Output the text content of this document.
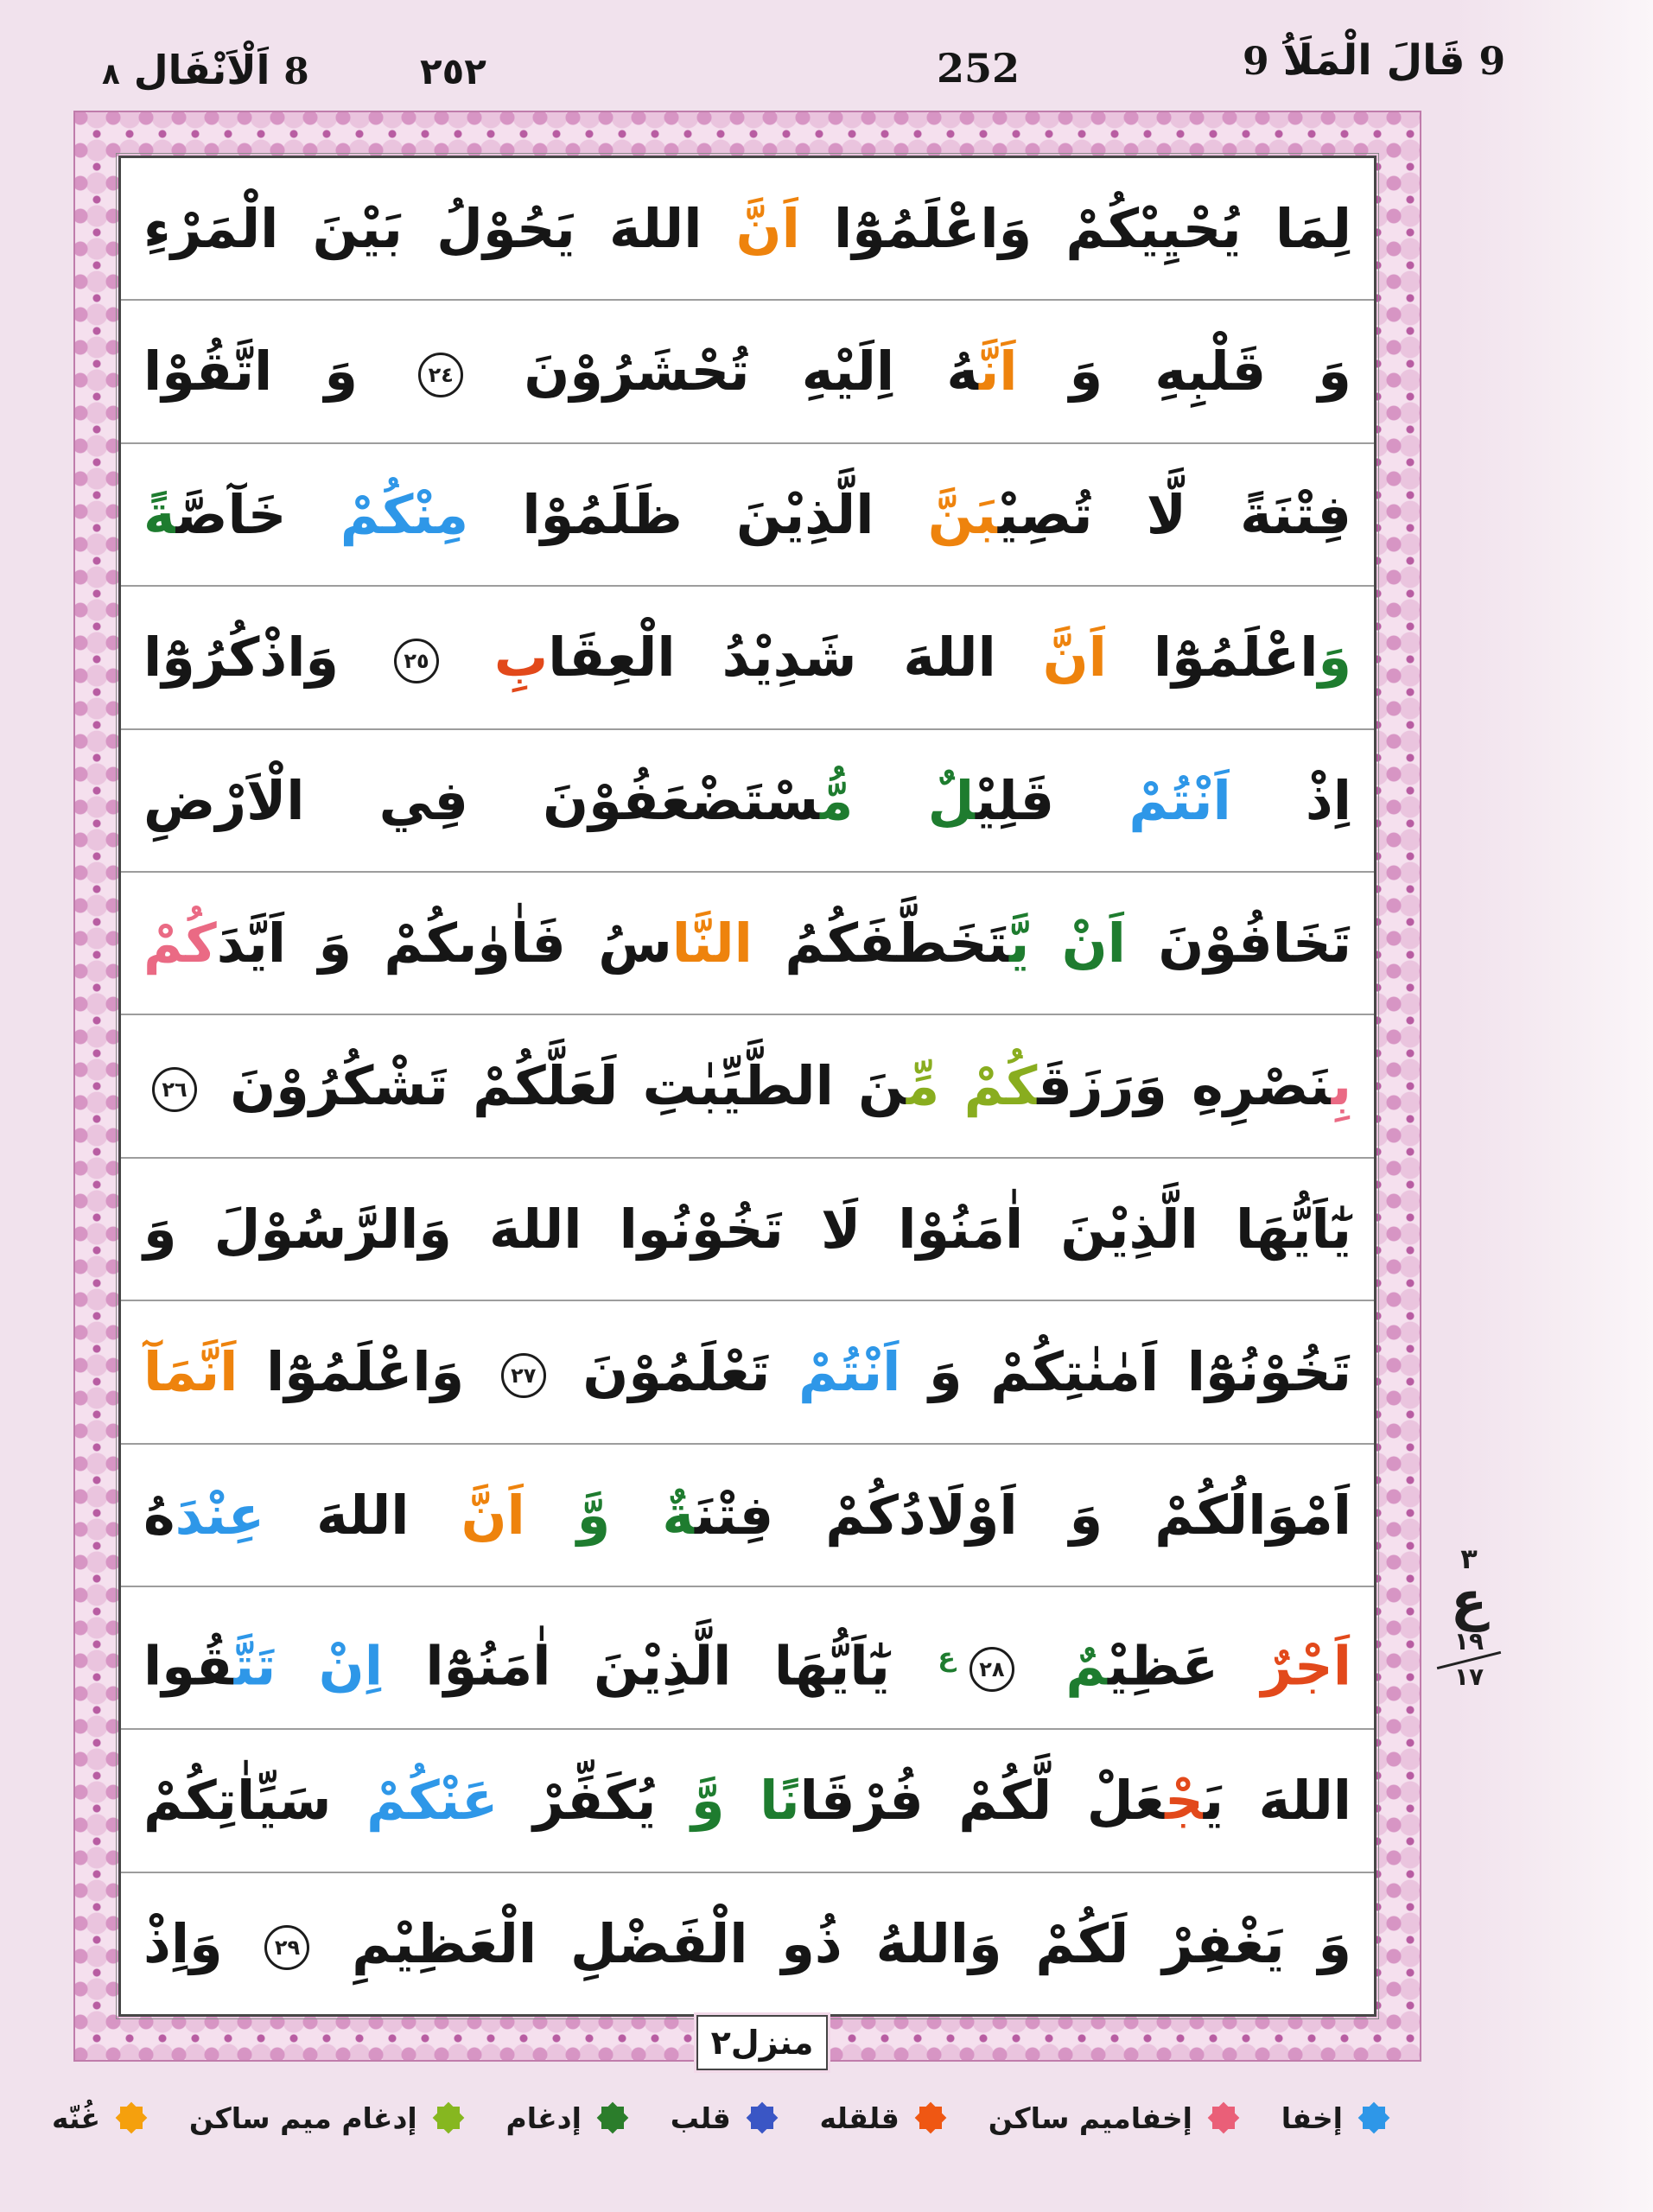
٨ اَلْاَنْفَال 8	٢٥٢	252	9 قَالَ الْمَلَاُ 9
لِمَا يُحْيِيْكُمْ وَاعْلَمُوْٓا اَنَّ اللهَ يَحُوْلُ بَيْنَ الْمَرْءِ
وَ قَلْبِهِ وَ اَنَّهُ اِلَيْهِ تُحْشَرُوْنَ ٢٤ وَ اتَّقُوْا
فِتْنَةً لَّا تُصِيْبَنَّ الَّذِيْنَ ظَلَمُوْا مِنْكُمْ خَآصَّةً
وَاعْلَمُوْٓا اَنَّ اللهَ شَدِيْدُ الْعِقَابِ ٢٥ وَاذْكُرُوْٓا
اِذْ اَنْتُمْ قَلِيْلٌ مُّسْتَضْعَفُوْنَ فِي الْاَرْضِ
تَخَافُوْنَ اَنْ يَّتَخَطَّفَكُمُ النَّاسُ فَاٰوٰىكُمْ وَ اَيَّدَكُمْ
بِنَصْرِهِ وَرَزَقَكُمْ مِّنَ الطَّيِّبٰتِ لَعَلَّكُمْ تَشْكُرُوْنَ ٢٦
يٰٓاَيُّهَا الَّذِيْنَ اٰمَنُوْا لَا تَخُوْنُوا اللهَ وَالرَّسُوْلَ وَ
تَخُوْنُوْٓا اَمٰنٰتِكُمْ وَ اَنْتُمْ تَعْلَمُوْنَ ٢٧ وَاعْلَمُوْٓا اَنَّمَآ
اَمْوَالُكُمْ وَ اَوْلَادُكُمْ فِتْنَةٌ وَّ اَنَّ اللهَ عِنْدَهُ
اَجْرٌ عَظِيْمٌ $٢٨^ع$ يٰٓاَيُّهَا الَّذِيْنَ اٰمَنُوْٓا اِنْ تَتَّقُوا
اللهَ يَجْعَلْ لَّكُمْ فُرْقَانًا وَّ يُكَفِّرْ عَنْكُمْ سَيِّاٰتِكُمْ
وَ يَغْفِرْ لَكُمْ وَاللهُ ذُو الْفَضْلِ الْعَظِيْمِ ٢٩ وَاِذْ
منزل٢
٣
ع
١٩
١٧
إخفا
إخفاميم ساكن
قلقله
قلب
إدغام
إدغام ميم ساكن
غُنّه
